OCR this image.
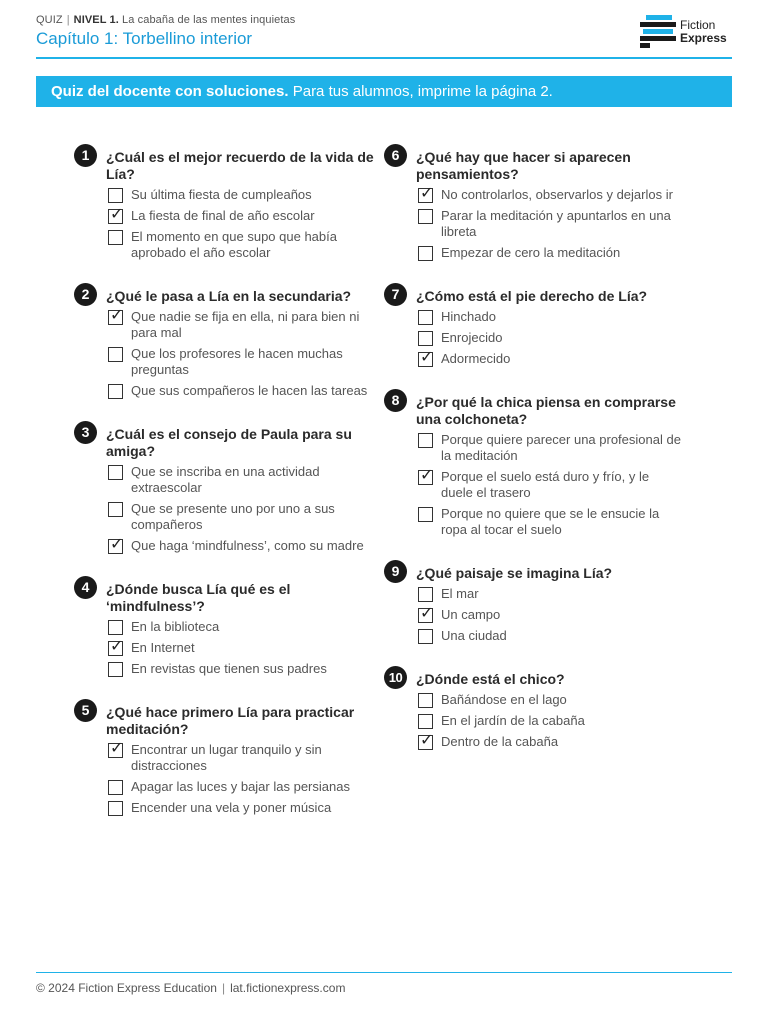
QUIZ | NIVEL 1. La cabaña de las mentes inquietas
Capítulo 1: Torbellino interior
Fiction
Express
Quiz del docente con soluciones. Para tus alumnos, imprime la página 2.
1	¿Cuál es el mejor recuerdo de la vida de Lía?
Su última fiesta de cumpleaños
✓ La fiesta de final de año escolar
El momento en que supo que había aprobado el año escolar
2	¿Qué le pasa a Lía en la secundaria?
✓ Que nadie se fija en ella, ni para bien ni para mal
Que los profesores le hacen muchas preguntas
Que sus compañeros le hacen las tareas
3	¿Cuál es el consejo de Paula para su amiga?
Que se inscriba en una actividad extraescolar
Que se presente uno por uno a sus compañeros
✓ Que haga ‘mindfulness’, como su madre
4	¿Dónde busca Lía qué es el ‘mindfulness’?
En la biblioteca
✓ En Internet
En revistas que tienen sus padres
5	¿Qué hace primero Lía para practicar meditación?
✓ Encontrar un lugar tranquilo y sin distracciones
Apagar las luces y bajar las persianas
Encender una vela y poner música
6	¿Qué hay que hacer si aparecen pensamientos?
✓ No controlarlos, observarlos y dejarlos ir
Parar la meditación y apuntarlos en una libreta
Empezar de cero la meditación
7	¿Cómo está el pie derecho de Lía?
Hinchado
Enrojecido
✓ Adormecido
8	¿Por qué la chica piensa en comprarse una colchoneta?
Porque quiere parecer una profesional de la meditación
✓ Porque el suelo está duro y frío, y le duele el trasero
Porque no quiere que se le ensucie la ropa al tocar el suelo
9	¿Qué paisaje se imagina Lía?
El mar
✓ Un campo
Una ciudad
10 ¿Dónde está el chico?
Bañándose en el lago
En el jardín de la cabaña
✓ Dentro de la cabaña
© 2024 Fiction Express Education | lat.fictionexpress.com
